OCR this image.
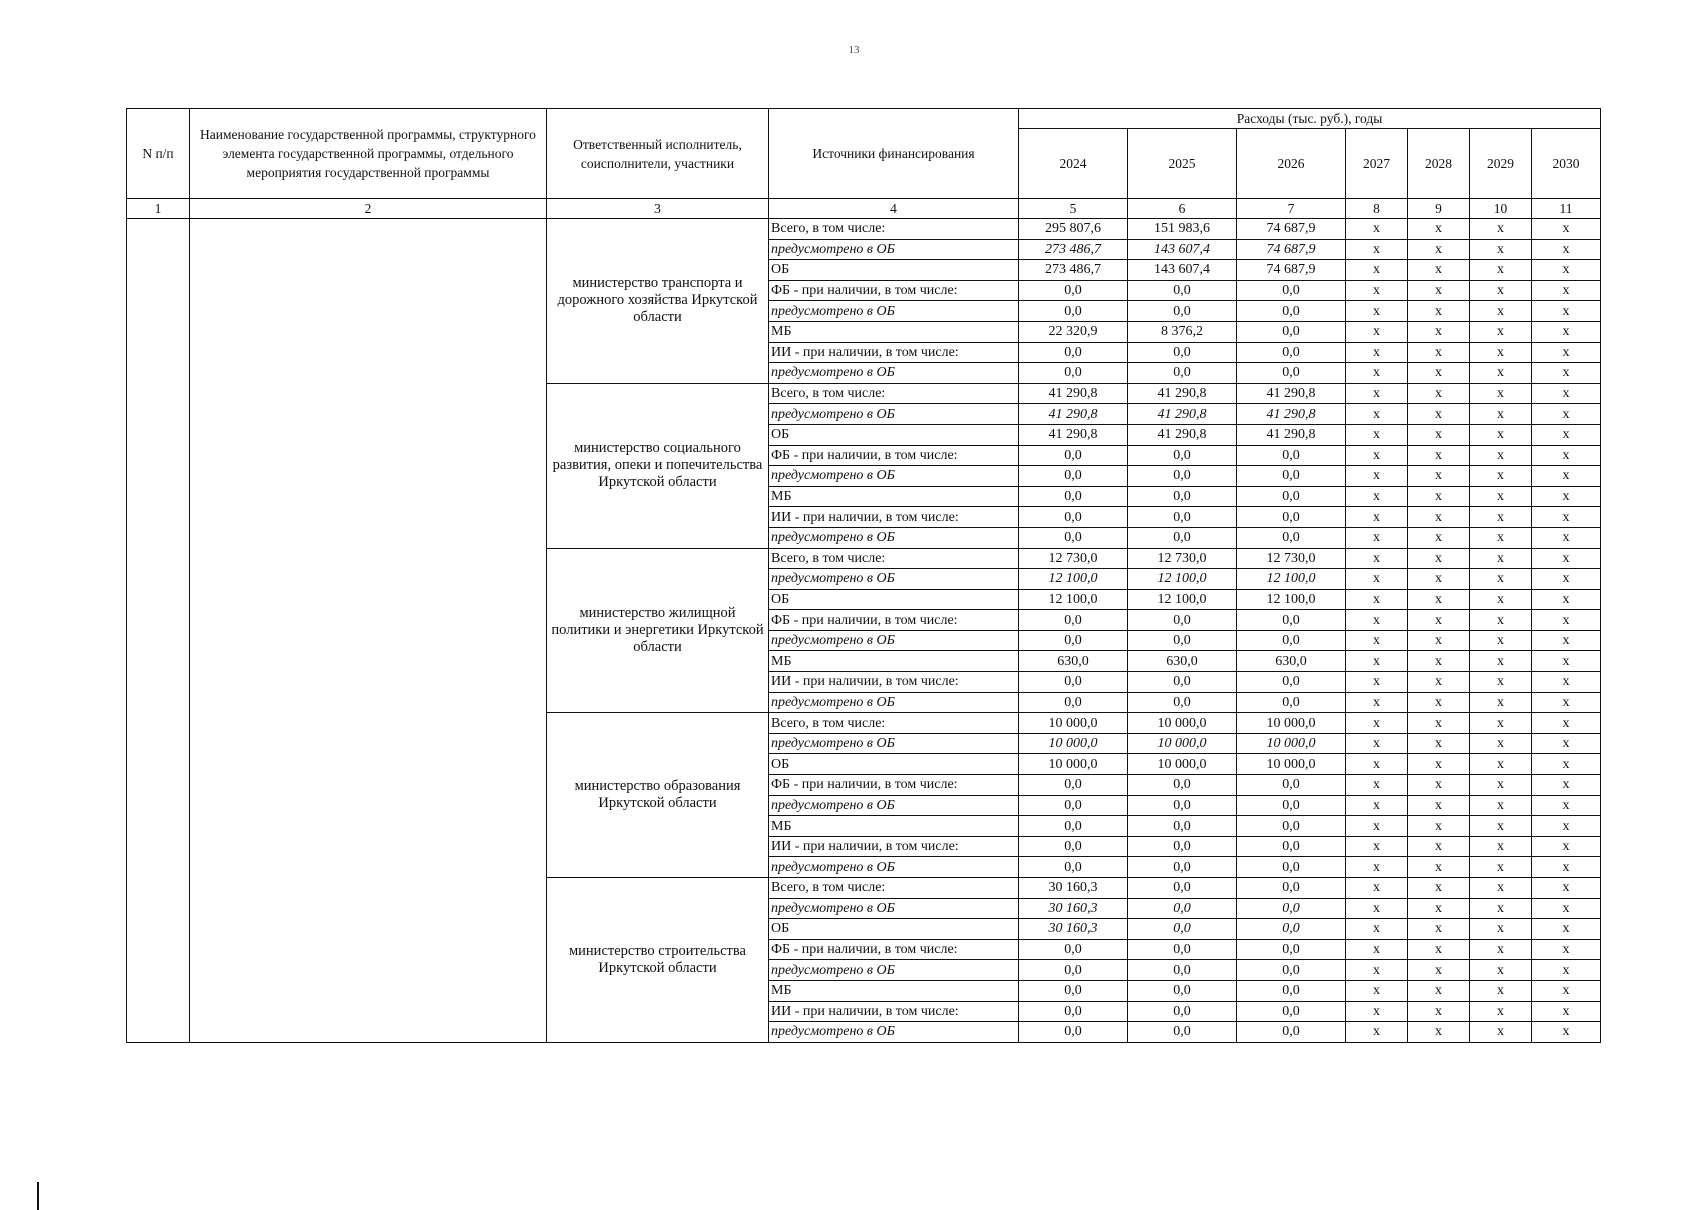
13
N п/п	Наименование государственной программы, структурного элемента государственной программы, отдельного мероприятия государственной программы	Ответственный исполнитель, соисполнители, участники	Источники финансирования	Расходы (тыс. руб.), годы						
				2024	2025	2026	2027	2028	2029	2030
1	2	3	4	5	6	7	8	9	10	11
		министерство транспорта и дорожного хозяйства Иркутской области	Всего, в том числе:	295 807,6	151 983,6	74 687,9	x	x	x	x
			предусмотрено в ОБ	273 486,7	143 607,4	74 687,9	x	x	x	x
			ОБ	273 486,7	143 607,4	74 687,9	x	x	x	x
			ФБ - при наличии, в том числе:	0,0	0,0	0,0	x	x	x	x
			предусмотрено в ОБ	0,0	0,0	0,0	x	x	x	x
			МБ	22 320,9	8 376,2	0,0	x	x	x	x
			ИИ - при наличии, в том числе:	0,0	0,0	0,0	x	x	x	x
			предусмотрено в ОБ	0,0	0,0	0,0	x	x	x	x
		министерство социального развития, опеки и попечительства Иркутской области	Всего, в том числе:	41 290,8	41 290,8	41 290,8	x	x	x	x
			предусмотрено в ОБ	41 290,8	41 290,8	41 290,8	x	x	x	x
			ОБ	41 290,8	41 290,8	41 290,8	x	x	x	x
			ФБ - при наличии, в том числе:	0,0	0,0	0,0	x	x	x	x
			предусмотрено в ОБ	0,0	0,0	0,0	x	x	x	x
			МБ	0,0	0,0	0,0	x	x	x	x
			ИИ - при наличии, в том числе:	0,0	0,0	0,0	x	x	x	x
			предусмотрено в ОБ	0,0	0,0	0,0	x	x	x	x
		министерство жилищной политики и энергетики Иркутской области	Всего, в том числе:	12 730,0	12 730,0	12 730,0	x	x	x	x
			предусмотрено в ОБ	12 100,0	12 100,0	12 100,0	x	x	x	x
			ОБ	12 100,0	12 100,0	12 100,0	x	x	x	x
			ФБ - при наличии, в том числе:	0,0	0,0	0,0	x	x	x	x
			предусмотрено в ОБ	0,0	0,0	0,0	x	x	x	x
			МБ	630,0	630,0	630,0	x	x	x	x
			ИИ - при наличии, в том числе:	0,0	0,0	0,0	x	x	x	x
			предусмотрено в ОБ	0,0	0,0	0,0	x	x	x	x
		министерство образования Иркутской области	Всего, в том числе:	10 000,0	10 000,0	10 000,0	x	x	x	x
			предусмотрено в ОБ	10 000,0	10 000,0	10 000,0	x	x	x	x
			ОБ	10 000,0	10 000,0	10 000,0	x	x	x	x
			ФБ - при наличии, в том числе:	0,0	0,0	0,0	x	x	x	x
			предусмотрено в ОБ	0,0	0,0	0,0	x	x	x	x
			МБ	0,0	0,0	0,0	x	x	x	x
			ИИ - при наличии, в том числе:	0,0	0,0	0,0	x	x	x	x
			предусмотрено в ОБ	0,0	0,0	0,0	x	x	x	x
		министерство строительства Иркутской области	Всего, в том числе:	30 160,3	0,0	0,0	x	x	x	x
			предусмотрено в ОБ	30 160,3	0,0	0,0	x	x	x	x
			ОБ	30 160,3	0,0	0,0	x	x	x	x
			ФБ - при наличии, в том числе:	0,0	0,0	0,0	x	x	x	x
			предусмотрено в ОБ	0,0	0,0	0,0	x	x	x	x
			МБ	0,0	0,0	0,0	x	x	x	x
			ИИ - при наличии, в том числе:	0,0	0,0	0,0	x	x	x	x
			предусмотрено в ОБ	0,0	0,0	0,0	x	x	x	x
